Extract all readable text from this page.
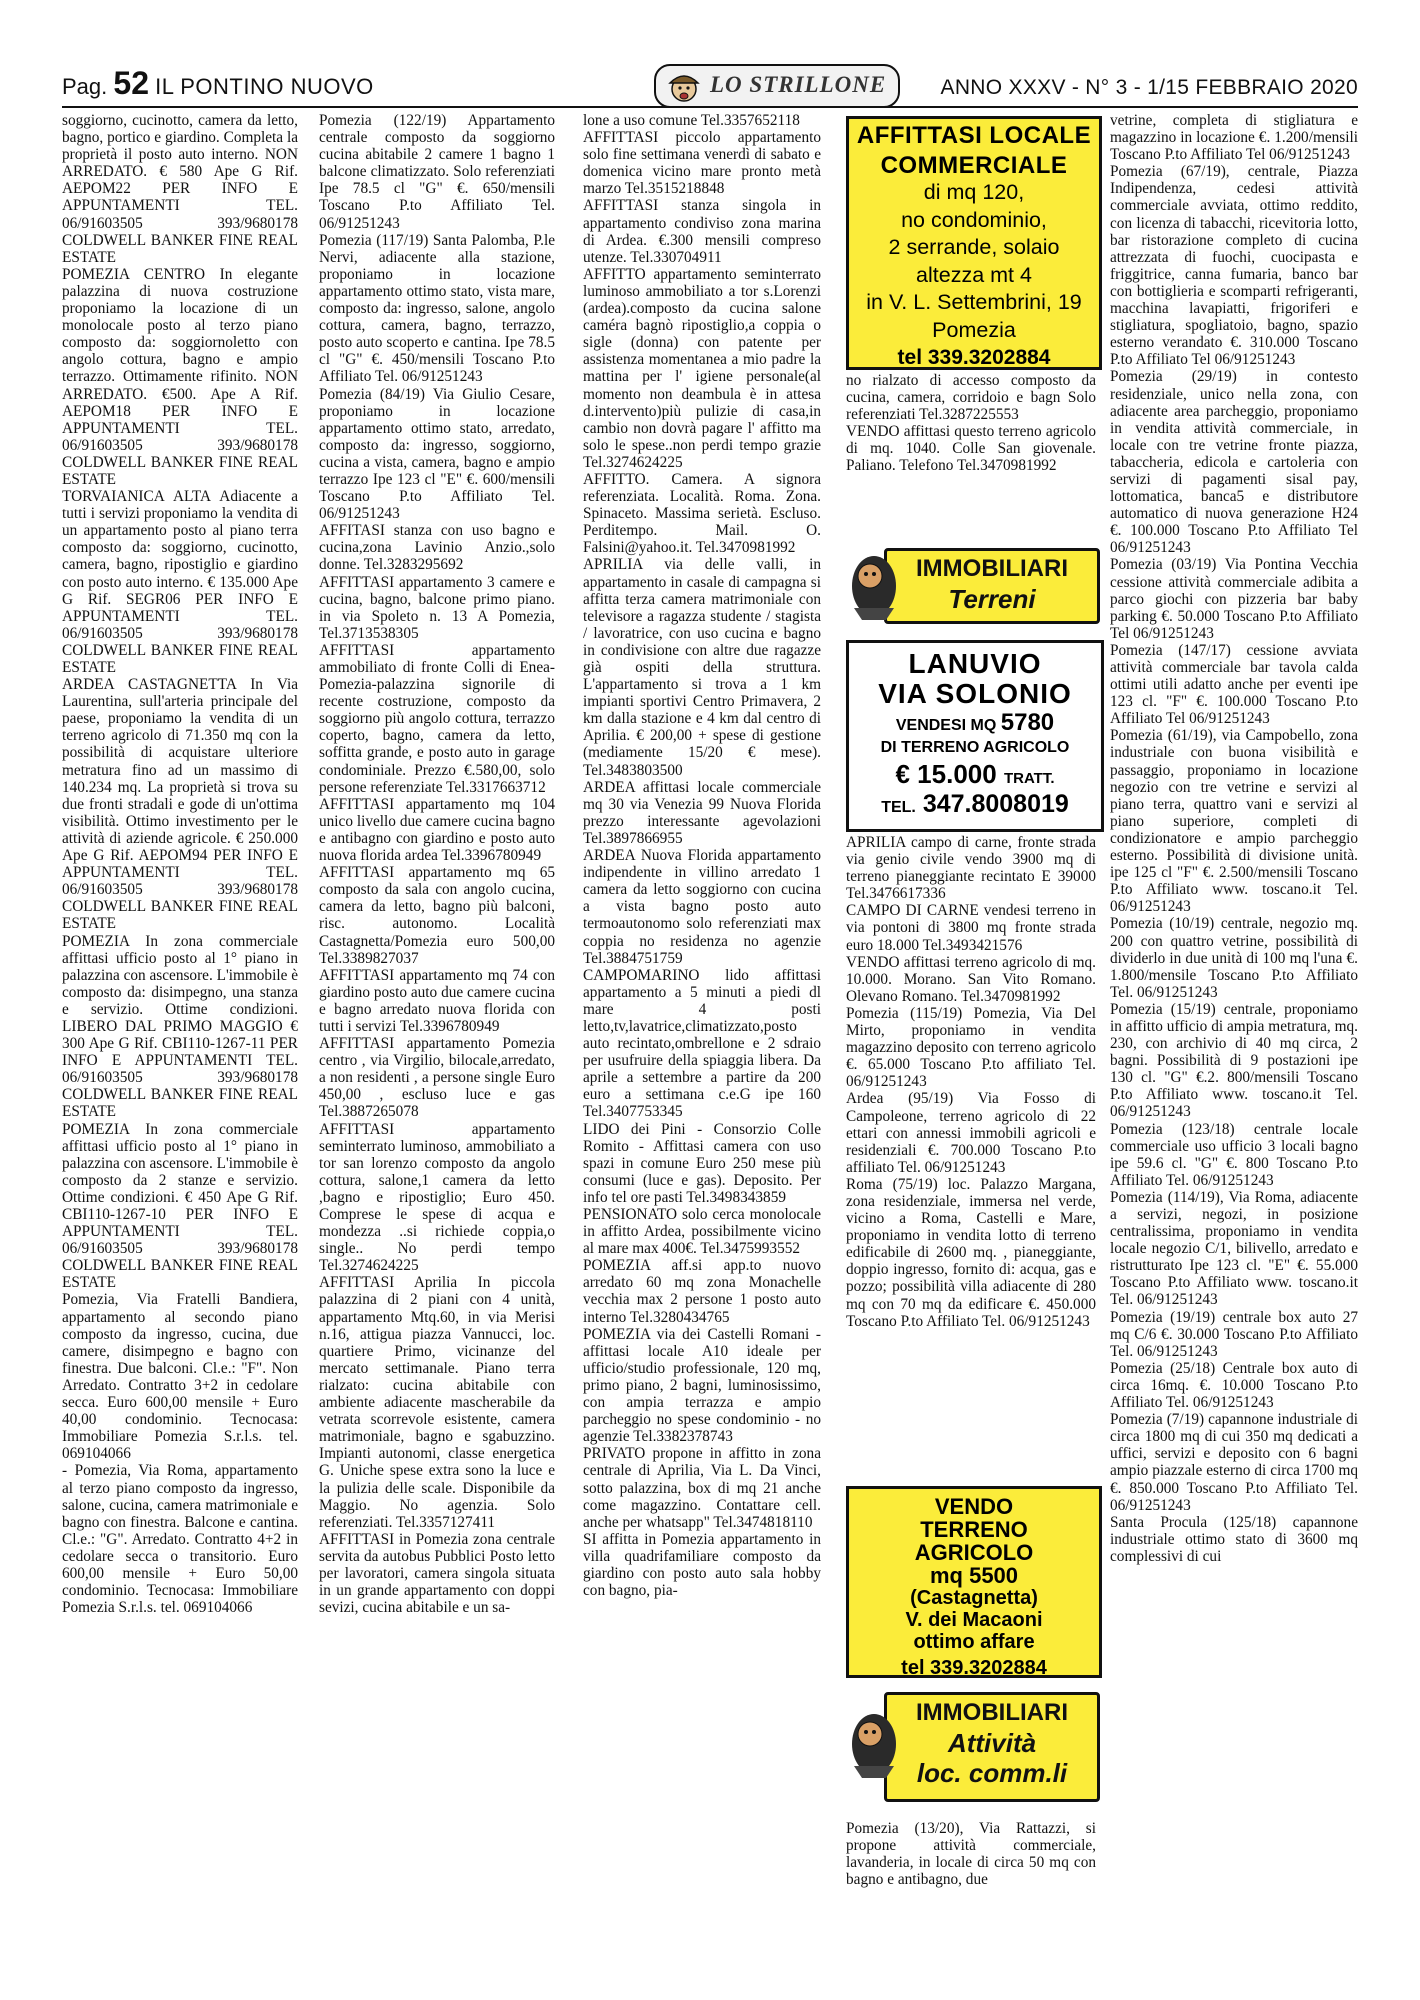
Pag. 52 IL PONTINO NUOVO	LO STRILLONE	ANNO XXXV - N° 3 - 1/15 FEBBRAIO 2020
soggiorno, cucinotto, camera da letto, bagno, portico e giardino. Completa la proprietà il posto auto interno. NON ARREDATO. € 580 Ape G Rif. AEPOM22 PER INFO E APPUNTAMENTI TEL. 06/91603505 393/9680178 COLDWELL BANKER FINE REAL ESTATE
POMEZIA CENTRO In elegante palazzina di nuova costruzione proponiamo la locazione di un monolocale posto al terzo piano composto da: soggiornoletto con angolo cottura, bagno e ampio terrazzo. Ottimamente rifinito. NON ARREDATO. €500. Ape A Rif. AEPOM18 PER INFO E APPUNTAMENTI TEL. 06/91603505 393/9680178 COLDWELL BANKER FINE REAL ESTATE
TORVAIANICA ALTA Adiacente a tutti i servizi proponiamo la vendita di un appartamento posto al piano terra composto da: soggiorno, cucinotto, camera, bagno, ripostiglio e giardino con posto auto interno. € 135.000 Ape G Rif. SEGR06 PER INFO E APPUNTAMENTI TEL. 06/91603505 393/9680178 COLDWELL BANKER FINE REAL ESTATE
ARDEA CASTAGNETTA In Via Laurentina, sull'arteria principale del paese, proponiamo la vendita di un terreno agricolo di 71.350 mq con la possibilità di acquistare ulteriore metratura fino ad un massimo di 140.234 mq. La proprietà si trova su due fronti stradali e gode di un'ottima visibilità. Ottimo investimento per le attività di aziende agricole. € 250.000 Ape G Rif. AEPOM94 PER INFO E APPUNTAMENTI TEL. 06/91603505 393/9680178 COLDWELL BANKER FINE REAL ESTATE
POMEZIA In zona commerciale affittasi ufficio posto al 1° piano in palazzina con ascensore. L'immobile è composto da: disimpegno, una stanza e servizio. Ottime condizioni. LIBERO DAL PRIMO MAGGIO € 300 Ape G Rif. CBI110-1267-11 PER INFO E APPUNTAMENTI TEL. 06/91603505 393/9680178 COLDWELL BANKER FINE REAL ESTATE
POMEZIA In zona commerciale affittasi ufficio posto al 1° piano in palazzina con ascensore. L'immobile è composto da 2 stanze e servizio. Ottime condizioni. € 450 Ape G Rif. CBI110-1267-10 PER INFO E APPUNTAMENTI TEL. 06/91603505 393/9680178 COLDWELL BANKER FINE REAL ESTATE
Pomezia, Via Fratelli Bandiera, appartamento al secondo piano composto da ingresso, cucina, due camere, disimpegno e bagno con finestra. Due balconi. Cl.e.: "F". Non Arredato. Contratto 3+2 in cedolare secca. Euro 600,00 mensile + Euro 40,00 condominio. Tecnocasa: Immobiliare Pomezia S.r.l.s. tel. 069104066
- Pomezia, Via Roma, appartamento al terzo piano composto da ingresso, salone, cucina, camera matrimoniale e bagno con finestra. Balcone e cantina. Cl.e.: "G". Arredato. Contratto 4+2 in cedolare secca o transitorio. Euro 600,00 mensile + Euro 50,00 condominio. Tecnocasa: Immobiliare Pomezia S.r.l.s. tel. 069104066
Pomezia (122/19) Appartamento centrale composto da soggiorno cucina abitabile 2 camere 1 bagno 1 balcone climatizzato. Solo referenziati Ipe 78.5 cl "G" €. 650/mensili Toscano P.to Affiliato Tel. 06/91251243
Pomezia (117/19) Santa Palomba, P.le Nervi, adiacente alla stazione, proponiamo in locazione appartamento ottimo stato, vista mare, composto da: ingresso, salone, angolo cottura, camera, bagno, terrazzo, posto auto scoperto e cantina. Ipe 78.5 cl "G" €. 450/mensili Toscano P.to Affiliato Tel. 06/91251243
Pomezia (84/19) Via Giulio Cesare, proponiamo in locazione appartamento ottimo stato, arredato, composto da: ingresso, soggiorno, cucina a vista, camera, bagno e ampio terrazzo Ipe 123 cl "E" €. 600/mensili Toscano P.to Affiliato Tel. 06/91251243
AFFITASI stanza con uso bagno e cucina,zona Lavinio Anzio.,solo donne. Tel.3283295692
AFFITTASI appartamento 3 camere e cucina, bagno, balcone primo piano. in via Spoleto n. 13 A Pomezia, Tel.3713538305
AFFITTASI appartamento ammobiliato di fronte Colli di Enea- Pomezia-palazzina signorile di recente costruzione, composto da soggiorno più angolo cottura, terrazzo coperto, bagno, camera da letto, soffitta grande, e posto auto in garage condominiale. Prezzo €.580,00, solo persone referenziate Tel.3317663712
AFFITTASI appartamento mq 104 unico livello due camere cucina bagno e antibagno con giardino e posto auto nuova florida ardea Tel.3396780949
AFFITTASI appartamento mq 65 composto da sala con angolo cucina, camera da letto, bagno più balconi, risc. autonomo. Località Castagnetta/Pomezia euro 500,00 Tel.3389827037
AFFITTASI appartamento mq 74 con giardino posto auto due camere cucina e bagno arredato nuova florida con tutti i servizi Tel.3396780949
AFFITTASI appartamento Pomezia centro , via Virgilio, bilocale,arredato, a non residenti , a persone single Euro 450,00 , escluso luce e gas Tel.3887265078
AFFITTASI appartamento seminterrato luminoso, ammobiliato a tor san lorenzo composto da angolo cottura, salone,1 camera da letto ,bagno e ripostiglio; Euro 450. Comprese le spese di acqua e mondezza ..si richiede coppia,o single.. No perdi tempo Tel.3274624225
AFFITTASI Aprilia In piccola palazzina di 2 piani con 4 unità, appartamento Mtq.60, in via Merisi n.16, attigua piazza Vannucci, loc. quartiere Primo, vicinanze del mercato settimanale. Piano terra rialzato: cucina abitabile con ambiente adiacente mascherabile da vetrata scorrevole esistente, camera matrimoniale, bagno e sgabuzzino. Impianti autonomi, classe energetica G. Uniche spese extra sono la luce e la pulizia delle scale. Disponibile da Maggio. No agenzia. Solo referenziati. Tel.3357127411
AFFITTASI in Pomezia zona centrale servita da autobus Pubblici Posto letto per lavoratori, camera singola situata in un grande appartamento con doppi sevizi, cucina abitabile e un sa-
lone a uso comune Tel.3357652118
AFFITTASI piccolo appartamento solo fine settimana venerdì di sabato e domenica vicino mare pronto metà marzo Tel.3515218848
AFFITTASI stanza singola in appartamento condiviso zona marina di Ardea. €.300 mensili compreso utenze. Tel.330704911
AFFITTO appartamento seminterrato luminoso ammobiliato a tor s.Lorenzi (ardea).composto da cucina salone caméra bagnò ripostiglio,a coppia o sigle (donna) con patente per assistenza momentanea a mio padre la mattina per l' igiene personale(al momento non deambula è in attesa d.intervento)più pulizie di casa,in cambio non dovrà pagare l' affitto ma solo le spese..non perdi tempo grazie Tel.3274624225
AFFITTO. Camera. A signora referenziata. Località. Roma. Zona. Spinaceto. Massima serietà. Escluso. Perditempo. Mail. O. Falsini@yahoo.it. Tel.3470981992
APRILIA via delle valli, in appartamento in casale di campagna si affitta terza camera matrimoniale con televisore a ragazza studente / stagista / lavoratrice, con uso cucina e bagno in condivisione con altre due ragazze già ospiti della struttura. L'appartamento si trova a 1 km impianti sportivi Centro Primavera, 2 km dalla stazione e 4 km dal centro di Aprilia. € 200,00 + spese di gestione (mediamente 15/20 € mese). Tel.3483803500
ARDEA affittasi locale commerciale mq 30 via Venezia 99 Nuova Florida prezzo interessante agevolazioni Tel.3897866955
ARDEA Nuova Florida appartamento indipendente in villino arredato 1 camera da letto soggiorno con cucina a vista bagno posto auto termoautonomo solo referenziati max coppia no residenza no agenzie Tel.3884751759
CAMPOMARINO lido affittasi appartamento a 5 minuti a piedi dl mare 4 posti letto,tv,lavatrice,climatizzato,posto auto recintato,ombrellone e 2 sdraio per usufruire della spiaggia libera. Da aprile a settembre a partire da 200 euro a settimana c.e.G ipe 160 Tel.3407753345
LIDO dei Pini - Consorzio Colle Romito - Affittasi camera con uso spazi in comune Euro 250 mese più consumi (luce e gas). Deposito. Per info tel ore pasti Tel.3498343859
PENSIONATO solo cerca monolocale in affitto Ardea, possibilmente vicino al mare max 400€. Tel.3475993552
POMEZIA aff.si app.to nuovo arredato 60 mq zona Monachelle vecchia max 2 persone 1 posto auto interno Tel.3280434765
POMEZIA via dei Castelli Romani - affittasi locale A10 ideale per ufficio/studio professionale, 120 mq, primo piano, 2 bagni, luminosissimo, con ampia terrazza e ampio parcheggio no spese condominio - no agenzie Tel.3382378743
PRIVATO propone in affitto in zona centrale di Aprilia, Via L. Da Vinci, sotto palazzina, box di mq 21 anche come magazzino. Contattare cell. anche per whatsapp" Tel.3474818110
SI affitta in Pomezia appartamento in villa quadrifamiliare composto da giardino con posto auto sala hobby con bagno, pia-
AFFITTASI LOCALE
COMMERCIALE
di mq 120,
no condominio,
2 serrande, solaio
altezza mt 4
in V. L. Settembrini, 19
Pomezia
tel 339.3202884
no rialzato di accesso composto da cucina, camera, corridoio e bagn Solo referenziati Tel.3287225553
VENDO affittasi questo terreno agricolo di mq. 1040. Colle San giovenale. Paliano. Telefono Tel.3470981992
IMMOBILIARI
Terreni
LANUVIO
VIA SOLONIO
VENDESI MQ 5780
DI TERRENO AGRICOLO
€ 15.000 TRATT.
TEL. 347.8008019
APRILIA campo di carne, fronte strada via genio civile vendo 3900 mq di terreno pianeggiante recintato E 39000 Tel.3476617336
CAMPO DI CARNE vendesi terreno in via pontoni di 3800 mq fronte strada euro 18.000 Tel.3493421576
VENDO affittasi terreno agricolo di mq. 10.000. Morano. San Vito Romano. Olevano Romano. Tel.3470981992
Pomezia (115/19) Pomezia, Via Del Mirto, proponiamo in vendita magazzino deposito con terreno agricolo €. 65.000 Toscano P.to affiliato Tel. 06/91251243
Ardea (95/19) Via Fosso di Campoleone, terreno agricolo di 22 ettari con annessi immobili agricoli e residenziali €. 700.000 Toscano P.to affiliato Tel. 06/91251243
Roma (75/19) loc. Palazzo Margana, zona residenziale, immersa nel verde, vicino a Roma, Castelli e Mare, proponiamo in vendita lotto di terreno edificabile di 2600 mq. , pianeggiante, doppio ingresso, fornito di: acqua, gas e pozzo; possibilità villa adiacente di 280 mq con 70 mq da edificare €. 450.000 Toscano P.to Affiliato Tel. 06/91251243
VENDO
TERRENO
AGRICOLO
mq 5500
(Castagnetta)
V. dei Macaoni
ottimo affare
tel 339.3202884
IMMOBILIARI
Attività
loc. comm.li
Pomezia (13/20), Via Rattazzi, si propone attività commerciale, lavanderia, in locale di circa 50 mq con bagno e antibagno, due
vetrine, completa di stigliatura e magazzino in locazione €. 1.200/mensili Toscano P.to Affiliato Tel 06/91251243
Pomezia (67/19), centrale, Piazza Indipendenza, cedesi attività commerciale avviata, ottimo reddito, con licenza di tabacchi, ricevitoria lotto, bar ristorazione completo di cucina attrezzata di fuochi, cuocipasta e friggitrice, canna fumaria, banco bar con bottiglieria e scomparti refrigeranti, macchina lavapiatti, frigoriferi e stigliatura, spogliatoio, bagno, spazio esterno verandato €. 310.000 Toscano P.to Affiliato Tel 06/91251243
Pomezia (29/19) in contesto residenziale, unico nella zona, con adiacente area parcheggio, proponiamo in vendita attività commerciale, in locale con tre vetrine fronte piazza, tabaccheria, edicola e cartoleria con servizi di pagamenti sisal pay, lottomatica, banca5 e distributore automatico di nuova generazione H24 €. 100.000 Toscano P.to Affiliato Tel 06/91251243
Pomezia (03/19) Via Pontina Vecchia cessione attività commerciale adibita a parco giochi con pizzeria bar baby parking €. 50.000 Toscano P.to Affiliato Tel 06/91251243
Pomezia (147/17) cessione avviata attività commerciale bar tavola calda ottimi utili adatto anche per eventi ipe 123 cl. "F" €. 100.000 Toscano P.to Affiliato Tel 06/91251243
Pomezia (61/19), via Campobello, zona industriale con buona visibilità e passaggio, proponiamo in locazione negozio con tre vetrine e servizi al piano terra, quattro vani e servizi al piano superiore, completi di condizionatore e ampio parcheggio esterno. Possibilità di divisione unità. ipe 125 cl "F" €. 2.500/mensili Toscano P.to Affiliato www. toscano.it Tel. 06/91251243
Pomezia (10/19) centrale, negozio mq. 200 con quattro vetrine, possibilità di dividerlo in due unità di 100 mq l'una €. 1.800/mensile Toscano P.to Affiliato Tel. 06/91251243
Pomezia (15/19) centrale, proponiamo in affitto ufficio di ampia metratura, mq. 230, con archivio di 40 mq circa, 2 bagni. Possibilità di 9 postazioni ipe 130 cl. "G" €.2. 800/mensili Toscano P.to Affiliato www. toscano.it Tel. 06/91251243
Pomezia (123/18) centrale locale commerciale uso ufficio 3 locali bagno ipe 59.6 cl. "G" €. 800 Toscano P.to Affiliato Tel. 06/91251243
Pomezia (114/19), Via Roma, adiacente a servizi, negozi, in posizione centralissima, proponiamo in vendita locale negozio C/1, bilivello, arredato e ristrutturato Ipe 123 cl. "E" €. 55.000 Toscano P.to Affiliato www. toscano.it Tel. 06/91251243
Pomezia (19/19) centrale box auto 27 mq C/6 €. 30.000 Toscano P.to Affiliato Tel. 06/91251243
Pomezia (25/18) Centrale box auto di circa 16mq. €. 10.000 Toscano P.to Affiliato Tel. 06/91251243
Pomezia (7/19) capannone industriale di circa 1800 mq di cui 350 mq dedicati a uffici, servizi e deposito con 6 bagni ampio piazzale esterno di circa 1700 mq €. 850.000 Toscano P.to Affiliato Tel. 06/91251243
Santa Procula (125/18) capannone industriale ottimo stato di 3600 mq complessivi di cui
